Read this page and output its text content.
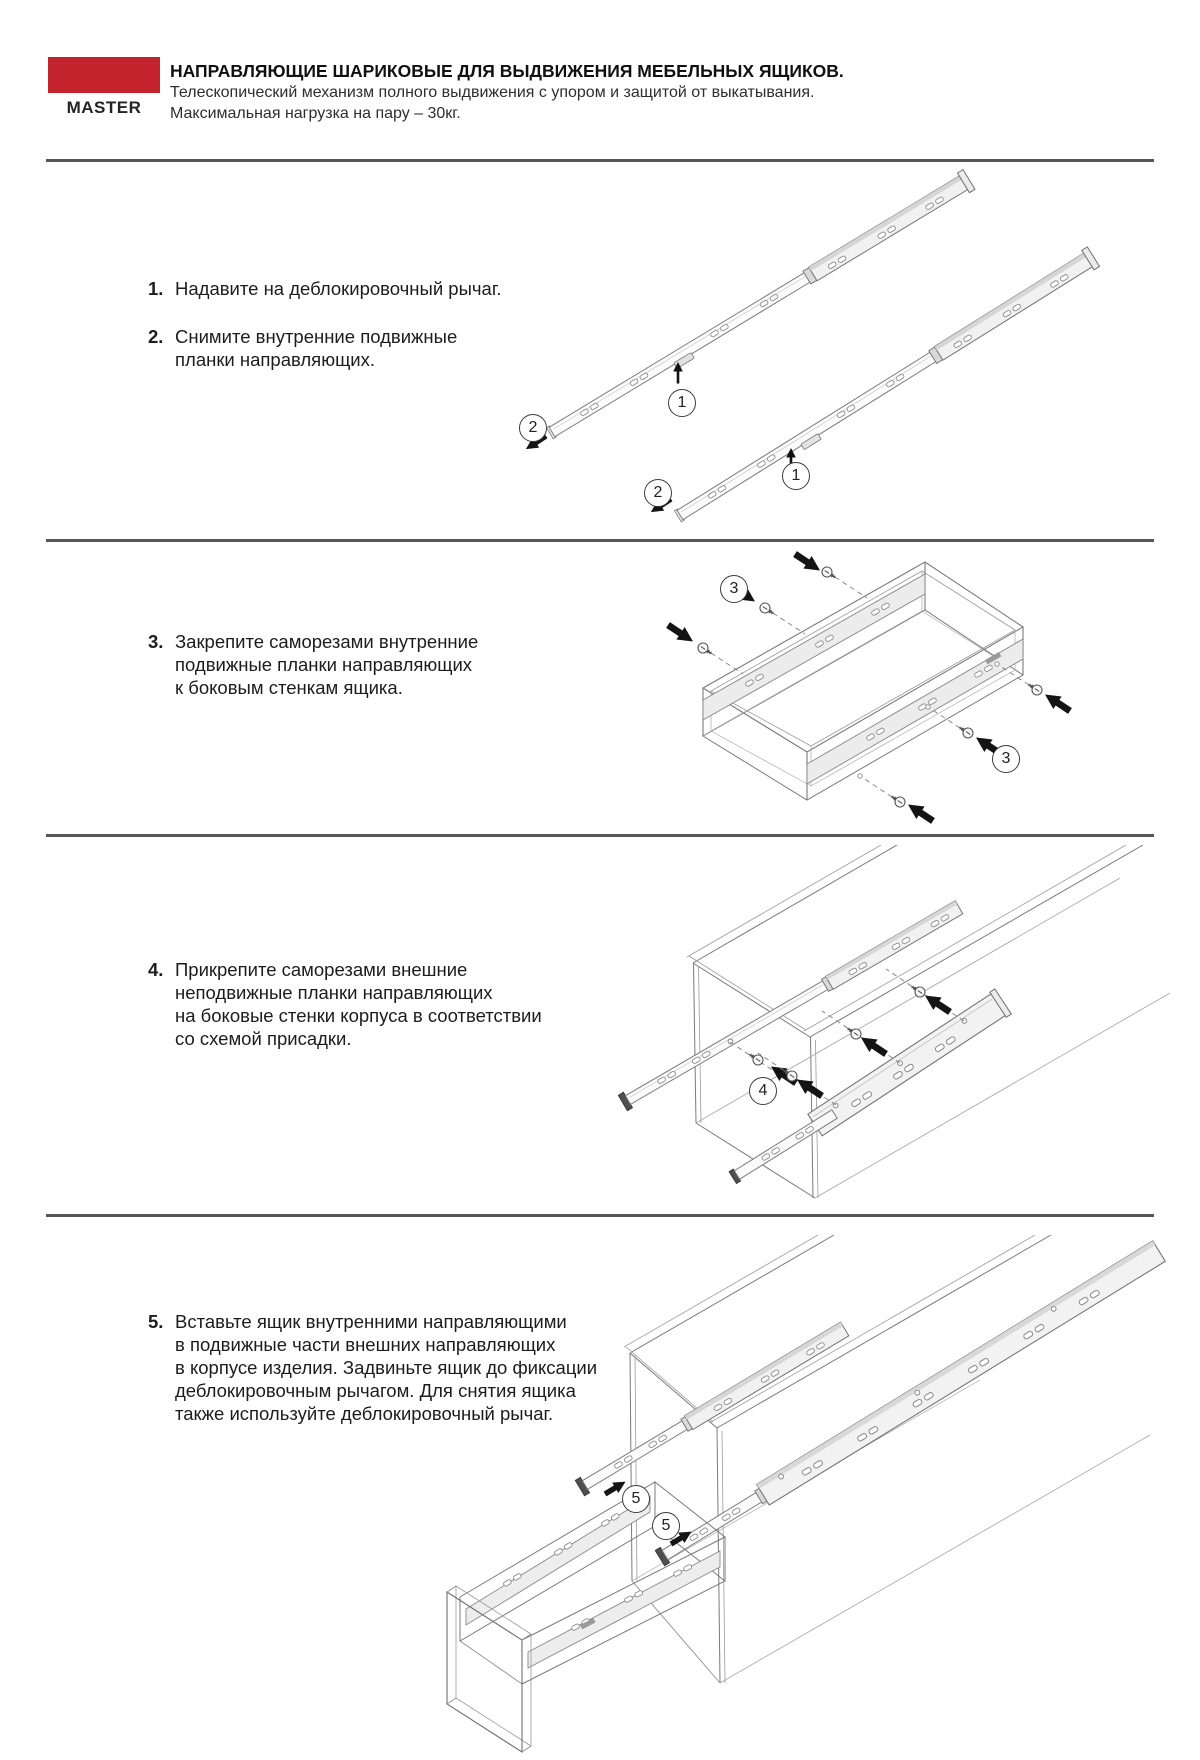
MASTER
НАПРАВЛЯЮЩИЕ ШАРИКОВЫЕ ДЛЯ ВЫДВИЖЕНИЯ МЕБЕЛЬНЫХ ЯЩИКОВ.
Телескопический механизм полного выдвижения с упором и защитой от выкатывания.
Максимальная нагрузка на пару – 30кг.
1. Надавите на деблокировочный рычаг.
2. Снимите внутренние подвижные
планки направляющих.
3. Закрепите саморезами внутренние
подвижные планки направляющих
к боковым стенкам ящика.
4. Прикрепите саморезами внешние
неподвижные планки направляющих
на боковые стенки корпуса в соответствии
со схемой присадки.
5. Вставьте ящик внутренними направляющими
в подвижные части внешних направляющих
в корпусе изделия. Задвиньте ящик до фиксации
деблокировочным рычагом. Для снятия ящика
также используйте деблокировочный рычаг.
1
1
2
2
3
3
4
5
5
